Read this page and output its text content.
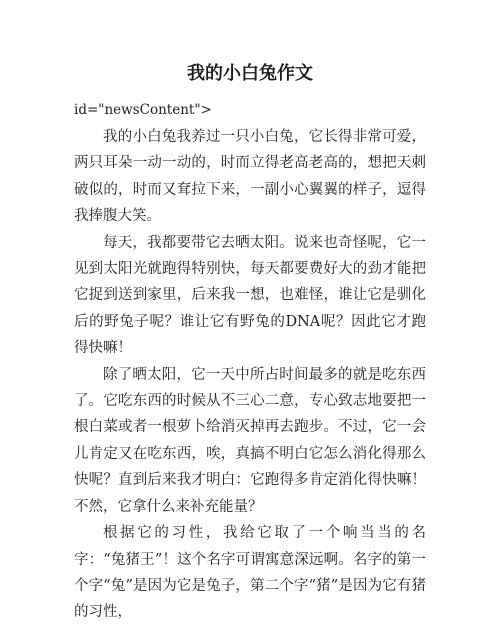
我的小白兔作文
id="newsContent">

我的小白兔我养过一只小白兔，它长得非常可爱，两只耳朵一动一动的，时而立得老高老高的，想把天刺破似的，时而又耷拉下来，一副小心翼翼的样子，逗得我捧腹大笑。

每天，我都要带它去晒太阳。说来也奇怪呢，它一见到太阳光就跑得特别快，每天都要费好大的劲才能把它捉到送到家里，后来我一想，也难怪，谁让它是驯化后的野兔子呢？谁让它有野兔的DNA呢？因此它才跑得快嘛！

除了晒太阳，它一天中所占时间最多的就是吃东西了。它吃东西的时候从不三心二意，专心致志地要把一根白菜或者一根萝卜给消灭掉再去跑步。不过，它一会儿肯定又在吃东西，唉，真搞不明白它怎么消化得那么快呢？直到后来我才明白：它跑得多肯定消化得快嘛！不然，它拿什么来补充能量？

根据它的习性，我给它取了一个响当当的名字：“兔猪王”！这个名字可谓寓意深远啊。名字的第一个字“兔”是因为它是兔子，第二个字“猪”是因为它有猪的习性，
